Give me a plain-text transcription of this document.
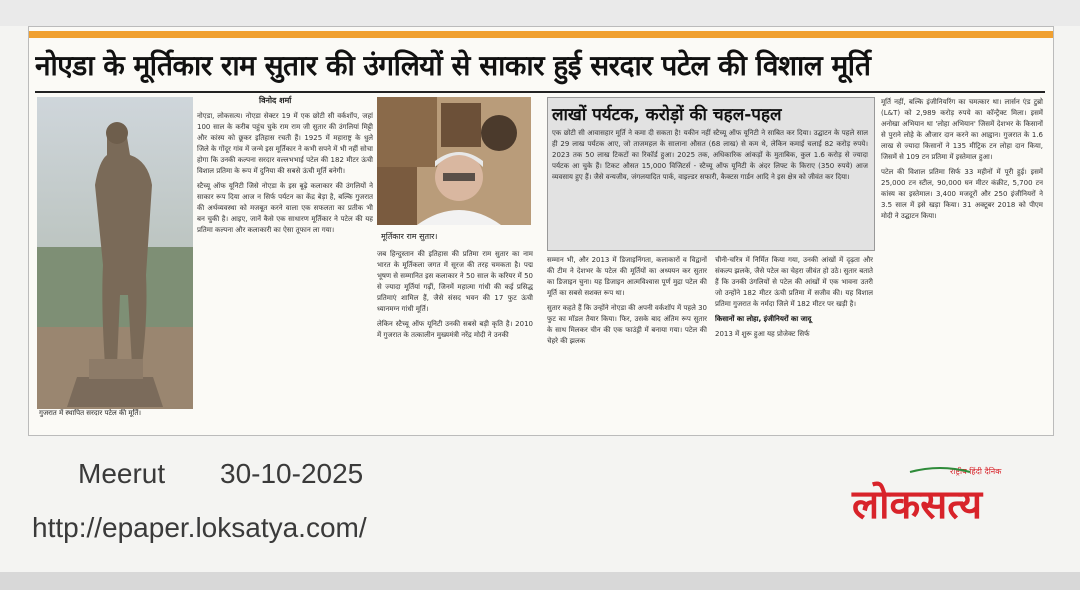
नोएडा के मूर्तिकार राम सुतार की उंगलियों से साकार हुई सरदार पटेल की विशाल मूर्ति
गुजरात में स्थापित सरदार पटेल की मूर्ति।
विनोद शर्मा

नोएडा, लोकसत्य। नोएडा सेक्टर 19 में एक छोटी सी वर्कशॉप, जहां 100 साल के करीब पहुंच चुके राम राम जी सुतार की उंगलियां मिट्टी और कांस्य को छूकर इतिहास रचती हैं। 1925 में महाराष्ट्र के धुले जिले के गोंदूर गांव में जन्मे इस मूर्तिकार ने कभी सपने में भी नहीं सोचा होगा कि उनकी कल्पना सरदार वल्लभभाई पटेल की 182 मीटर ऊंची विशाल प्रतिमा के रूप में दुनिया की सबसे ऊंची मूर्ति बनेगी।

स्टैच्यू ऑफ यूनिटी जिसे नोएडा के इस बूढ़े कलाकार की उंगलियों ने साकार रूप दिया आज न सिर्फ पर्यटन का केंद्र बेड़ा है, बल्कि गुजरात की अर्थव्यवस्था को मजबूत करने वाला एक सफलता का प्रतीक भी बन चुकी है। आइए, जानें कैसे एक साधारण मूर्तिकार ने पटेल की यह प्रतिमा कल्पना और कलाकारी का ऐसा तूफान ला गया।

मूर्तिकार राम सुतार।

जब हिन्दुस्तान की इतिहास की प्रतिमा राम सुतार का नाम भारत के मूर्तिकला जगत में सूरज की तरह चमकता है। पद्म भूषण से सम्मानित इस कलाकार ने 50 साल के करियर में 50 से ज्यादा मूर्तियां गढ़ीं, जिनमें महात्मा गांधी की कई प्रसिद्ध प्रतिमाएं शामिल हैं, जैसे संसद भवन की 17 फुट ऊंची ध्यानमग्न गांधी मूर्ति।

लेकिन स्टैच्यू ऑफ यूनिटी उनकी सबसे बड़ी कृति है। 2010 में गुजरात के तत्कालीन मुख्यमंत्री नरेंद्र मोदी ने उनकी

लाखों पर्यटक, करोड़ों की चहल-पहल
एक छोटी सी आवासहार मूर्ति ने कमा दी सकता है! यकीन नहीं स्टैच्यू ऑफ यूनिटी ने साबित कर दिया। उद्घाटन के पहले साल ही 29 लाख पर्यटक आए, जो ताजमहल के सालाना औसत (68 लाख) से कम थे, लेकिन कमाई चलाई 82 करोड़ रुपये। 2023 तक 50 लाख टिकटों का रिकॉर्ड हुआ। 2025 तक, अधिकारिक आंकड़ों के मुताबिक, कुल 1.6 करोड़ से ज्यादा पर्यटक आ चुके हैं। टिकट औसत 15,000 विजिटर्स - स्टैच्यू ऑफ यूनिटी के अंदर लिफ्ट के किराए (350 रुपये) आज व्यवसाय हुए हैं। जैसे वन्यजीव, जंगलयादित पार्क, वाइल्डर सफारी, कैक्टस गार्डन आदि ने इस क्षेत्र को जीवंत कर दिया।

सम्मान भी, और 2013 में डिजाइनिंगता, कलाकारों व विद्वानों की टीम ने देशभर के पटेल की मूर्तियों का अध्ययन कर सुतार का डिजाइन चुना। यह डिजाइन आत्मविश्वास पूर्ण मुद्रा पटेल की मूर्ति का सबसे सशक्त रूप था।

सुतार कहते हैं कि उन्होंने नोएडा की अपनी वर्कशॉप में पहले 30 फुट का मॉडल तैयार किया। फिर, उसके बाद अंतिम रूप सुतार के साथ मिलकर चीन की एक फाउंड्री में बनाया गया। पटेल की चेहरे की झलक

चीनी-चरित्र में निर्मित किया गया, उनकी आंखों में दृढ़ता और संकल्प झलके, जैसे पटेल का चेहरा जीवंत हो उठे। सुतार बताते हैं कि उनकी उंगलियों से पटेल की आंखों में एक भावना उतरी जो उन्होंने 182 मीटर ऊंची प्रतिमा में सजीव की। यह विशाल प्रतिमा गुजरात के नर्मदा जिले में 182 मीटर पर खड़ी है।

किसानों का लोहा, इंजीनियरों का जादू

2013 में शुरू हुआ यह प्रोजेक्ट सिर्फ

मूर्ति नहीं, बल्कि इंजीनियरिंग का चमत्कार था। लार्सन एंड टुब्रो (L&T) को 2,989 करोड़ रुपये का कॉन्ट्रैक्ट मिला। इसमें अनोखा अभियान था 'लोहा अभियान' जिसमें देशभर के किसानों से पुराने लोहे के औजार दान करने का आह्वान। गुजरात के 1.6 लाख से ज्यादा किसानों ने 135 मीट्रिक टन लोहा दान किया, जिसमें से 109 टन प्रतिमा में इस्तेमाल हुआ।

पटेल की विशाल प्रतिमा सिर्फ 33 महीनों में पूरी हुई। इसमें 25,000 टन स्टील, 90,000 घन मीटर कंक्रीट, 5,700 टन कांस्य का इस्तेमाल। 3,400 मजदूरों और 250 इंजीनियरों ने 3.5 साल में इसे खड़ा किया। 31 अक्टूबर 2018 को पीएम मोदी ने उद्घाटन किया।

Meerut 30-10-2025
http://epaper.loksatya.com/
राष्ट्रीय हिंदी दैनिक
लोकसत्य
